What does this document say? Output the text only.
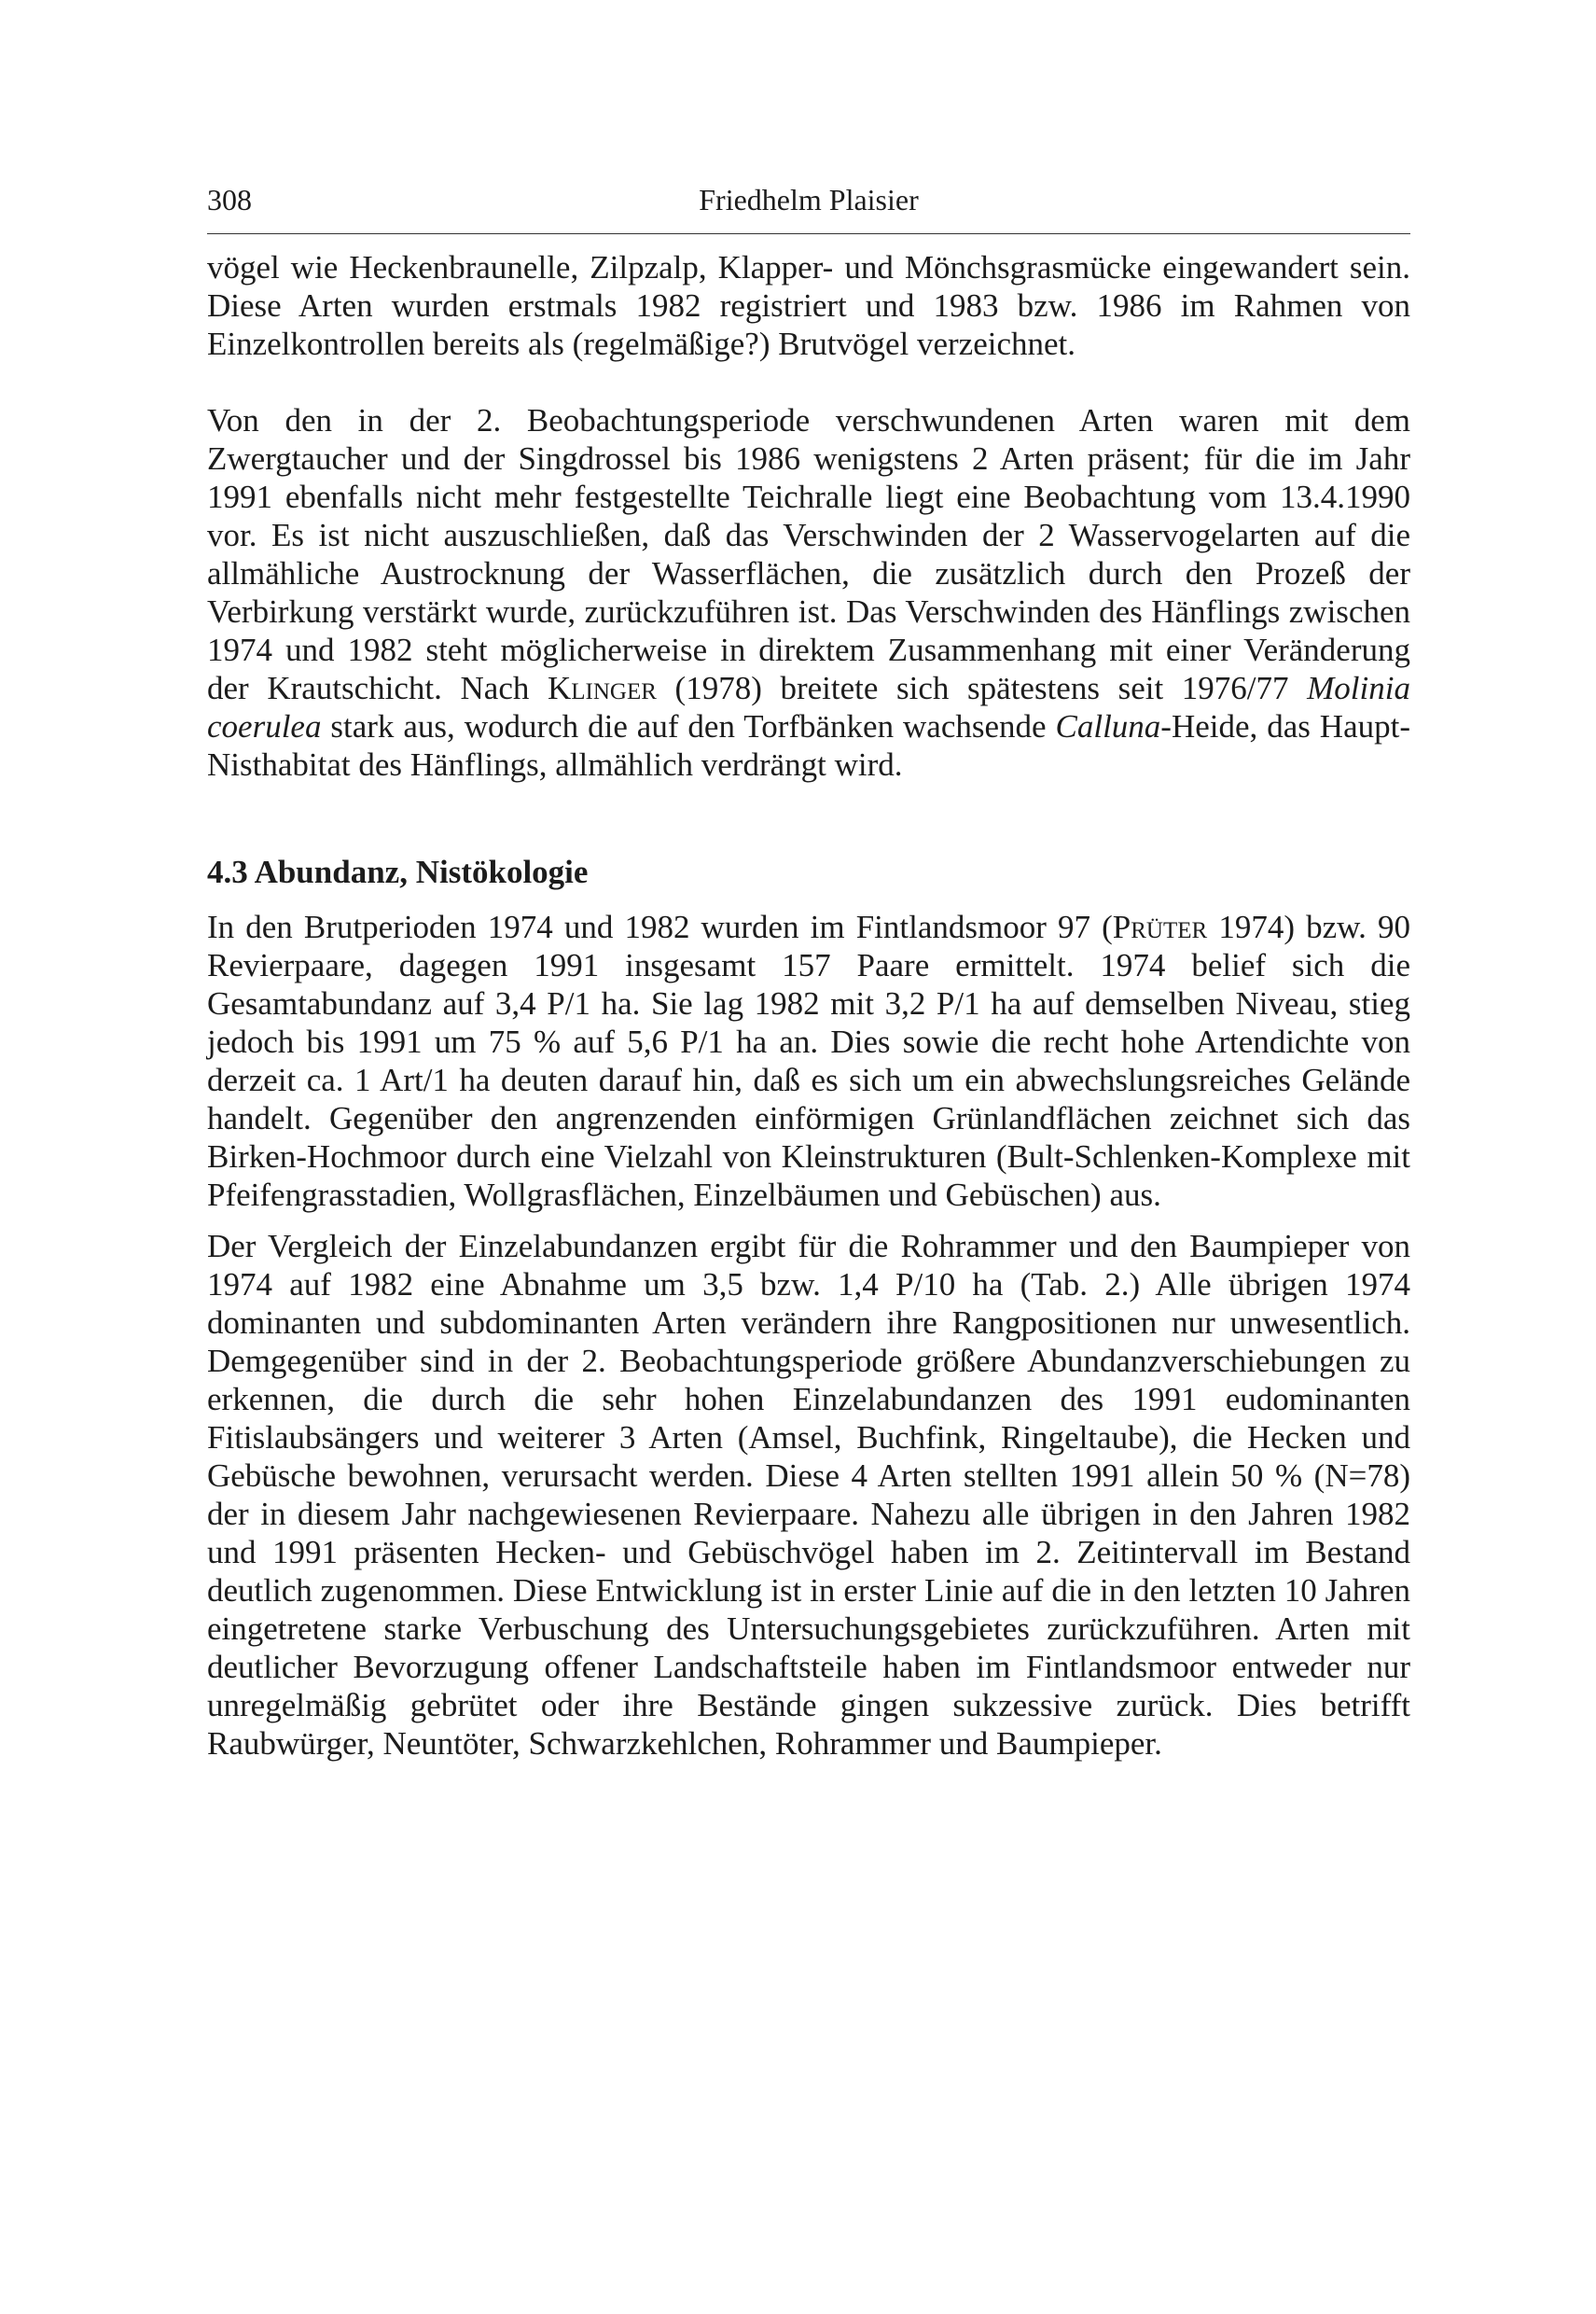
308	Friedhelm Plaisier

vögel wie Heckenbraunelle, Zilpzalp, Klapper- und Mönchsgrasmücke eingewandert sein. Diese Arten wurden erstmals 1982 registriert und 1983 bzw. 1986 im Rahmen von Einzelkontrollen bereits als (regelmäßige?) Brutvögel verzeichnet.

Von den in der 2. Beobachtungsperiode verschwundenen Arten waren mit dem Zwergtaucher und der Singdrossel bis 1986 wenigstens 2 Arten präsent; für die im Jahr 1991 ebenfalls nicht mehr festgestellte Teichralle liegt eine Beobachtung vom 13.4.1990 vor. Es ist nicht auszuschließen, daß das Verschwinden der 2 Wasservogelarten auf die allmähliche Austrocknung der Wasserflächen, die zusätzlich durch den Prozeß der Verbirkung verstärkt wurde, zurückzuführen ist. Das Verschwinden des Hänflings zwischen 1974 und 1982 steht möglicherweise in direktem Zusammenhang mit einer Veränderung der Krautschicht. Nach Klinger (1978) breitete sich spätestens seit 1976/77 Molinia coerulea stark aus, wodurch die auf den Torfbänken wachsende Calluna-Heide, das Haupt-Nisthabitat des Hänflings, allmählich verdrängt wird.

4.3 Abundanz, Nistökologie

In den Brutperioden 1974 und 1982 wurden im Fintlandsmoor 97 (Prüter 1974) bzw. 90 Revierpaare, dagegen 1991 insgesamt 157 Paare ermittelt. 1974 belief sich die Gesamtabundanz auf 3,4 P/1 ha. Sie lag 1982 mit 3,2 P/1 ha auf demselben Niveau, stieg jedoch bis 1991 um 75 % auf 5,6 P/1 ha an. Dies sowie die recht hohe Artendichte von derzeit ca. 1 Art/1 ha deuten darauf hin, daß es sich um ein abwechslungsreiches Gelände handelt. Gegenüber den angrenzenden einförmigen Grünlandflächen zeichnet sich das Birken-Hochmoor durch eine Vielzahl von Kleinstrukturen (Bult-Schlenken-Komplexe mit Pfeifengrasstadien, Wollgrasflächen, Einzelbäumen und Gebüschen) aus.

Der Vergleich der Einzelabundanzen ergibt für die Rohrammer und den Baumpieper von 1974 auf 1982 eine Abnahme um 3,5 bzw. 1,4 P/10 ha (Tab. 2.) Alle übrigen 1974 dominanten und subdominanten Arten verändern ihre Rangpositionen nur unwesentlich. Demgegenüber sind in der 2. Beobachtungsperiode größere Abundanzverschiebungen zu erkennen, die durch die sehr hohen Einzelabundanzen des 1991 eudominanten Fitislaubsängers und weiterer 3 Arten (Amsel, Buchfink, Ringeltaube), die Hecken und Gebüsche bewohnen, verursacht werden. Diese 4 Arten stellten 1991 allein 50 % (N=78) der in diesem Jahr nachgewiesenen Revierpaare. Nahezu alle übrigen in den Jahren 1982 und 1991 präsenten Hecken- und Gebüschvögel haben im 2. Zeitintervall im Bestand deutlich zugenommen. Diese Entwicklung ist in erster Linie auf die in den letzten 10 Jahren eingetretene starke Verbuschung des Untersuchungsgebietes zurückzuführen. Arten mit deutlicher Bevorzugung offener Landschaftsteile haben im Fintlandsmoor entweder nur unregelmäßig gebrütet oder ihre Bestände gingen sukzessive zurück. Dies betrifft Raubwürger, Neuntöter, Schwarzkehlchen, Rohrammer und Baumpieper.
